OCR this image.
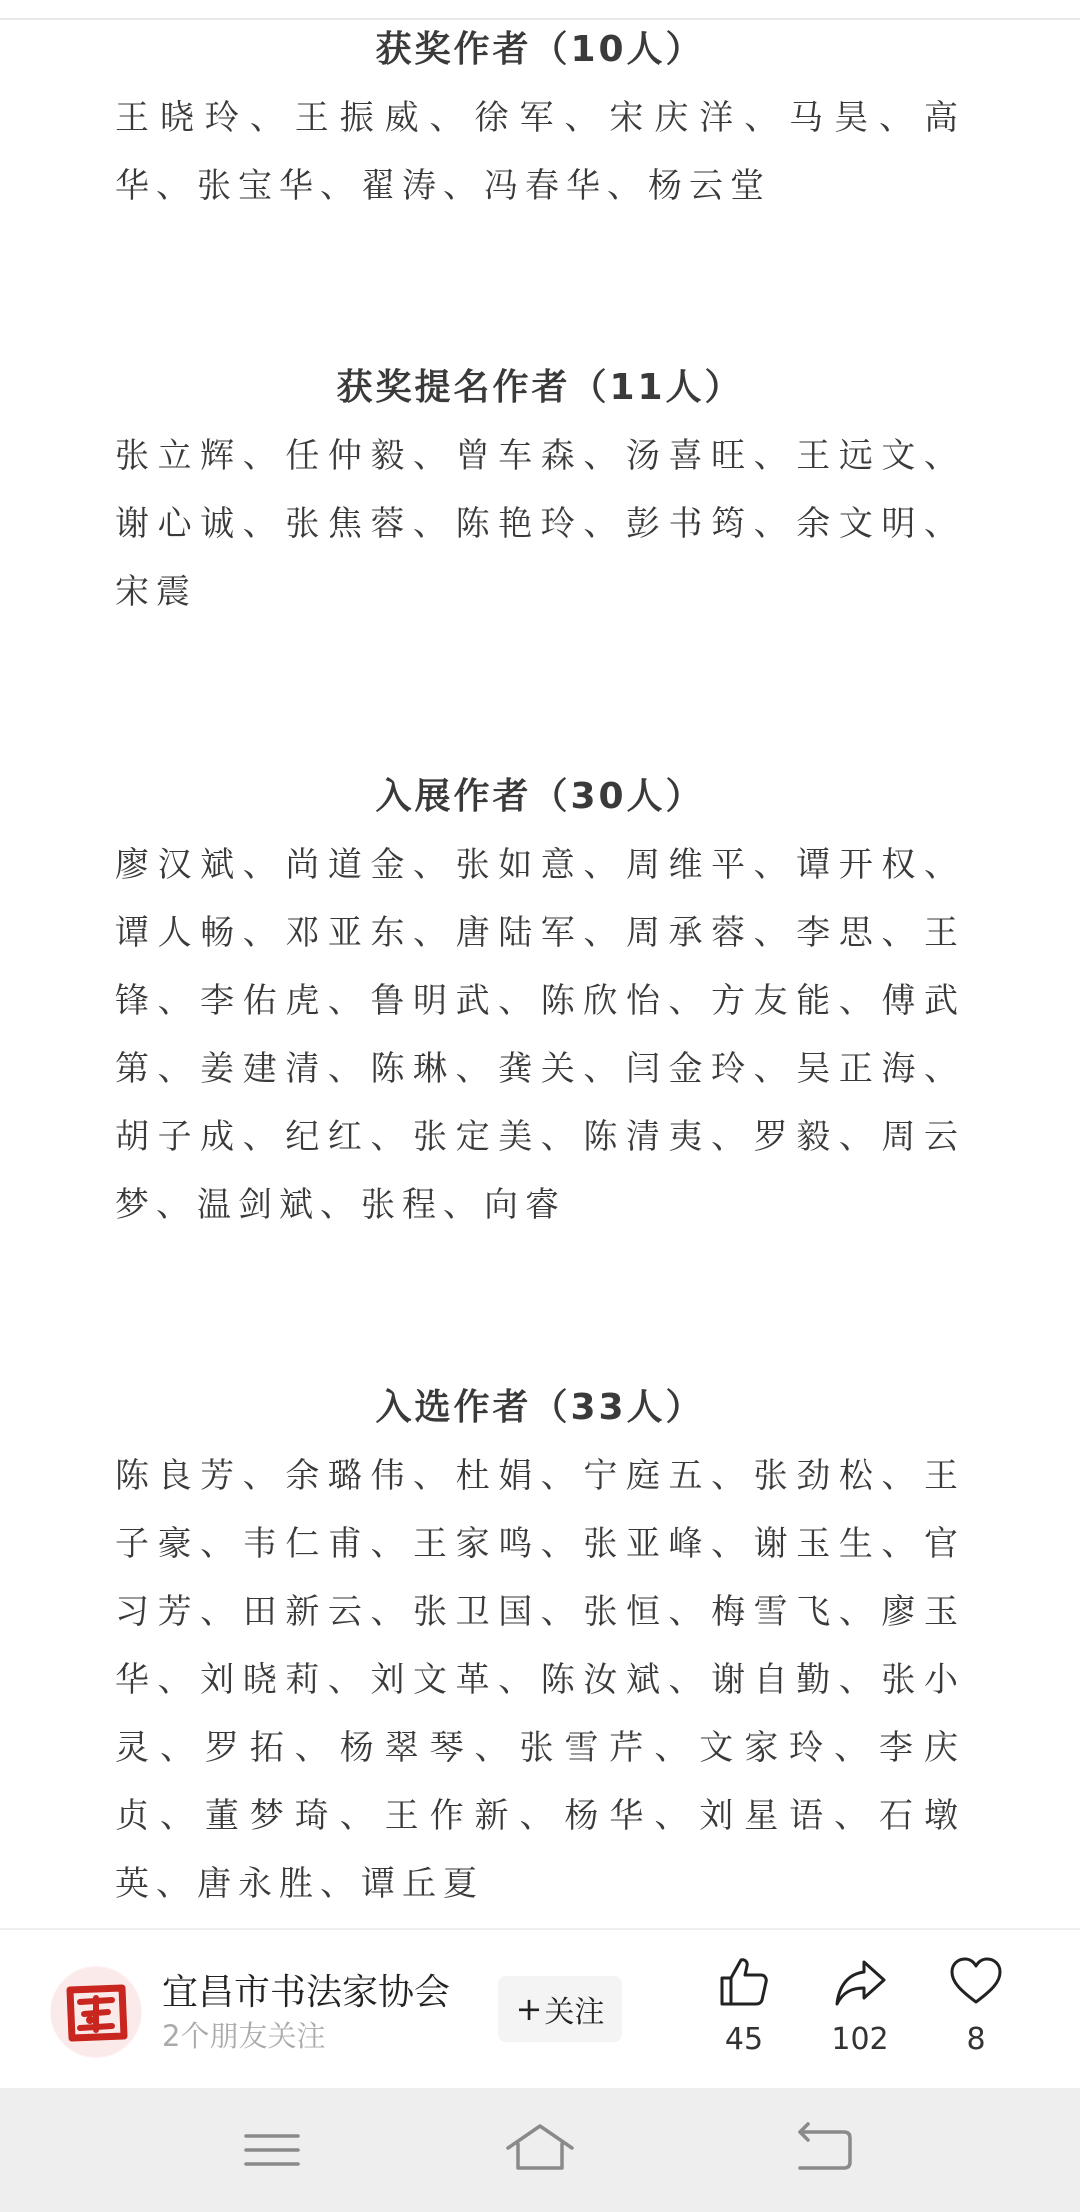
获奖作者（10人）
王晓玲、王振威、徐军、宋庆洋、马昊、高华、张宝华、翟涛、冯春华、杨云堂
获奖提名作者（11人）
张立辉、任仲毅、曾车森、汤喜旺、王远文、谢心诚、张焦蓉、陈艳玲、彭书筠、余文明、宋震
入展作者（30人）
廖汉斌、尚道金、张如意、周维平、谭开权、谭人畅、邓亚东、唐陆军、周承蓉、李思、王锋、李佑虎、鲁明武、陈欣怡、方友能、傅武第、姜建清、陈琳、龚关、闫金玲、吴正海、胡子成、纪红、张定美、陈清夷、罗毅、周云梦、温剑斌、张程、向睿
入选作者（33人）
陈良芳、余璐伟、杜娟、宁庭五、张劲松、王子豪、韦仁甫、王家鸣、张亚峰、谢玉生、官习芳、田新云、张卫国、张恒、梅雪飞、廖玉华、刘晓莉、刘文革、陈汝斌、谢自勤、张小灵、罗拓、杨翠琴、张雪芹、文家玲、李庆贞、董梦琦、王作新、杨华、刘星语、石墩英、唐永胜、谭丘夏
宜昌市书法家协会
2个朋友关注
+ 关注
45	102	8
